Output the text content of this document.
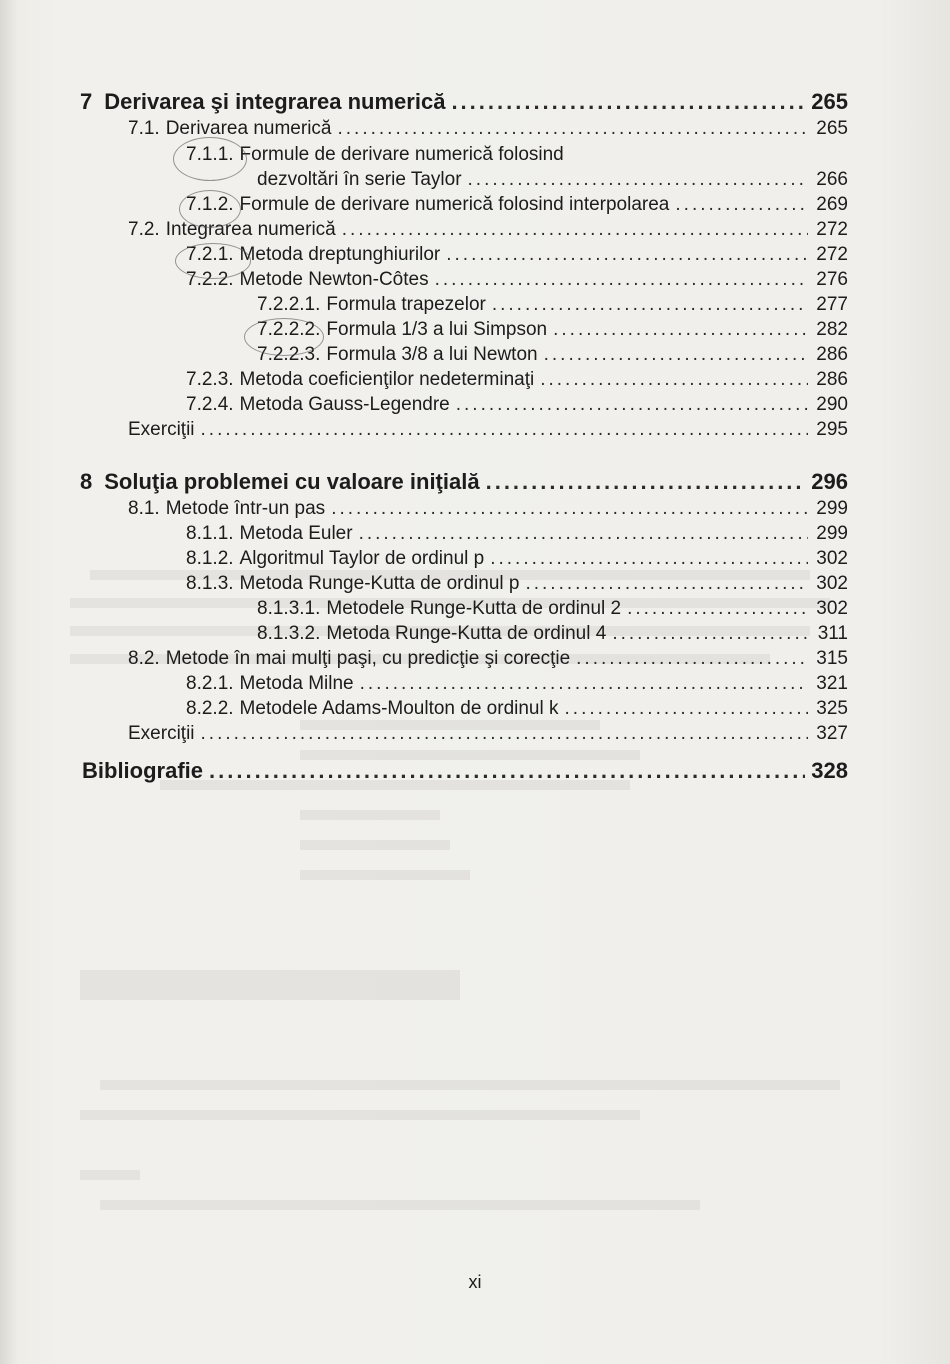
7 Derivarea şi integrarea numerică .....	265
7.1. Derivarea numerică .....	265
7.1.1. Formule de derivare numerică folosind
dezvoltări în serie Taylor .....	266
7.1.2. Formule de derivare numerică folosind interpolarea .....	269
7.2. Integrarea numerică .....	272
7.2.1. Metoda dreptunghiurilor .....	272
7.2.2. Metode Newton-Côtes .....	276
7.2.2.1. Formula trapezelor .....	277
7.2.2.2. Formula 1/3 a lui Simpson .....	282
7.2.2.3. Formula 3/8 a lui Newton .....	286
7.2.3. Metoda coeficienţilor nedeterminaţi .....	286
7.2.4. Metoda Gauss-Legendre .....	290
Exerciţii .....	295
8 Soluţia problemei cu valoare iniţială .....	296
8.1. Metode într-un pas .....	299
8.1.1. Metoda Euler .....	299
8.1.2. Algoritmul Taylor de ordinul p .....	302
8.1.3. Metoda Runge-Kutta de ordinul p .....	302
8.1.3.1. Metodele Runge-Kutta de ordinul 2 .....	302
8.1.3.2. Metoda Runge-Kutta de ordinul 4 .....	311
8.2. Metode în mai mulţi paşi, cu predicţie şi corecţie .....	315
8.2.1. Metoda Milne .....	321
8.2.2. Metodele Adams-Moulton de ordinul k .....	325
Exerciţii .....	327
Bibliografie .....	328
xi
